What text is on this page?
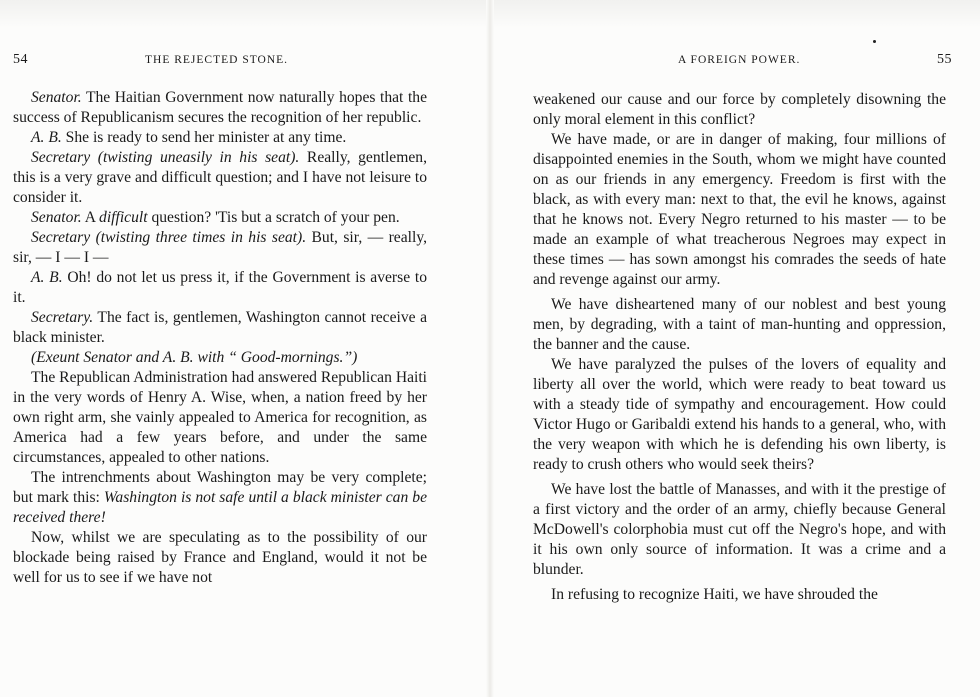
54	THE REJECTED STONE.

Senator. The Haitian Government now naturally hopes that the success of Republicanism secures the recognition of her republic.

A. B. She is ready to send her minister at any time.

Secretary (twisting uneasily in his seat). Really, gentlemen, this is a very grave and difficult question; and I have not leisure to consider it.

Senator. A difficult question? 'Tis but a scratch of your pen.

Secretary (twisting three times in his seat). But, sir, — really, sir, — I — I —

A. B. Oh! do not let us press it, if the Government is averse to it.

Secretary. The fact is, gentlemen, Washington cannot receive a black minister.

(Exeunt Senator and A. B. with “ Good-mornings.”)

The Republican Administration had answered Republican Haiti in the very words of Henry A. Wise, when, a nation freed by her own right arm, she vainly appealed to America for recognition, as America had a few years before, and under the same circumstances, appealed to other nations.

The intrenchments about Washington may be very complete; but mark this: Washington is not safe until a black minister can be received there!

Now, whilst we are speculating as to the possibility of our blockade being raised by France and England, would it not be well for us to see if we have not

A FOREIGN POWER.	55

weakened our cause and our force by completely disowning the only moral element in this conflict?

We have made, or are in danger of making, four millions of disappointed enemies in the South, whom we might have counted on as our friends in any emergency. Freedom is first with the black, as with every man: next to that, the evil he knows, against that he knows not. Every Negro returned to his master — to be made an example of what treacherous Negroes may expect in these times — has sown amongst his comrades the seeds of hate and revenge against our army.

We have disheartened many of our noblest and best young men, by degrading, with a taint of man-hunting and oppression, the banner and the cause.

We have paralyzed the pulses of the lovers of equality and liberty all over the world, which were ready to beat toward us with a steady tide of sympathy and encouragement. How could Victor Hugo or Garibaldi extend his hands to a general, who, with the very weapon with which he is defending his own liberty, is ready to crush others who would seek theirs?

We have lost the battle of Manasses, and with it the prestige of a first victory and the order of an army, chiefly because General McDowell's colorphobia must cut off the Negro's hope, and with it his own only source of information. It was a crime and a blunder.

In refusing to recognize Haiti, we have shrouded the
